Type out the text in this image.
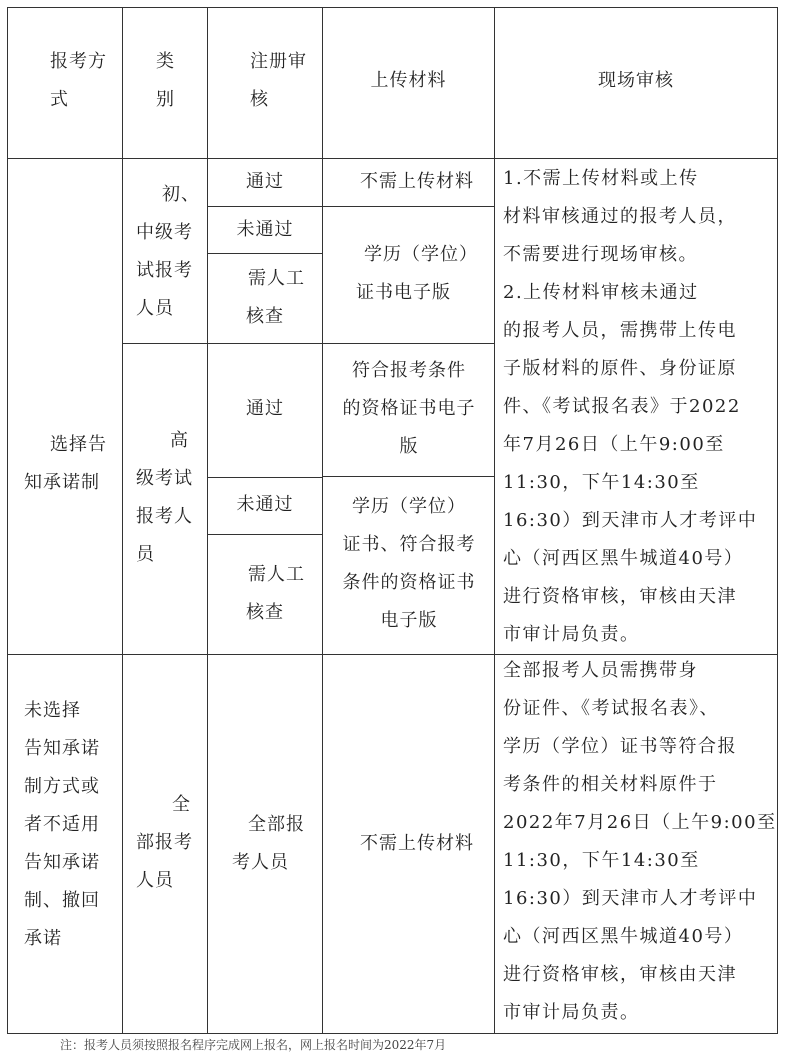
报考方
式
类
别
注册审
核
上传材料	现场审核
选择告
知承诺制
初、
中级考
试报考
人员
通过
未通过
需人工
核查
不需上传材料
学历（学位）
证书电子版
高
级考试
报考人
员
通过
未通过
需人工
核查
符合报考条件
的资格证书电子
版
学历（学位）
证书、符合报考
条件的资格证书
电子版
1.不需上传材料或上传
材料审核通过的报考人员，
不需要进行现场审核。
2.上传材料审核未通过
的报考人员，需携带上传电
子版材料的原件、身份证原
件、《考试报名表》于2022
年7月26日（上午9:00至
11:30，下午14:30至
16:30）到天津市人才考评中
心（河西区黑牛城道40号）
进行资格审核，审核由天津
市审计局负责。
未选择
告知承诺
制方式或
者不适用
告知承诺
制、撤回
承诺
全
部报考
人员
全部报
考人员
不需上传材料
全部报考人员需携带身
份证件、《考试报名表》、
学历（学位）证书等符合报
考条件的相关材料原件于
2022年7月26日（上午9:00至
11:30，下午14:30至
16:30）到天津市人才考评中
心（河西区黑牛城道40号）
进行资格审核，审核由天津
市审计局负责。
注：报考人员须按照报名程序完成网上报名，网上报名时间为2022年7月
